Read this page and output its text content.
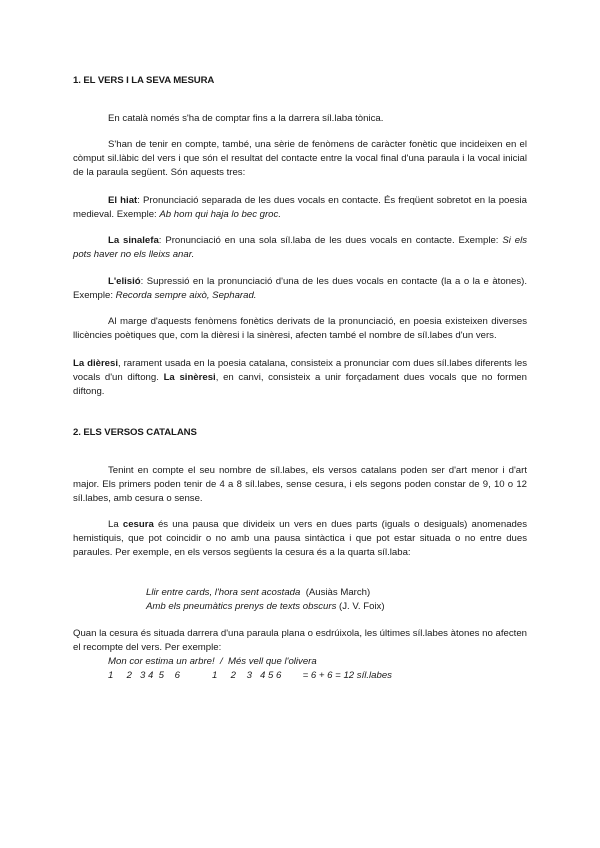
1. EL VERS I LA SEVA MESURA

En català només s'ha de comptar fins a la darrera síl.laba tònica.

S'han de tenir en compte, també, una sèrie de fenòmens de caràcter fonètic que incideixen en el còmput sil.làbic del vers i que són el resultat del contacte entre la vocal final d'una paraula i la vocal inicial de la paraula següent. Són aquests tres:

El hiat: Pronunciació separada de les dues vocals en contacte. És freqüent sobretot en la poesia medieval. Exemple: Ab hom qui haja lo bec groc.

La sinalefa: Pronunciació en una sola síl.laba de les dues vocals en contacte. Exemple: Si els pots haver no els lleixs anar.

L'elisió: Supressió en la pronunciació d'una de les dues vocals en contacte (la a o la e àtones). Exemple: Recorda sempre això, Sepharad.

Al marge d'aquests fenòmens fonètics derivats de la pronunciació, en poesia existeixen diverses llicències poètiques que, com la dièresi i la sinèresi, afecten també el nombre de síl.labes d'un vers.

La dièresi, rarament usada en la poesia catalana, consisteix a pronunciar com dues síl.labes diferents les vocals d'un diftong. La sinèresi, en canvi, consisteix a unir forçadament dues vocals que no formen diftong.

2. ELS VERSOS CATALANS

Tenint en compte el seu nombre de síl.labes, els versos catalans poden ser d'art menor i d'art major. Els primers poden tenir de 4 a 8 síl.labes, sense cesura, i els segons poden constar de 9, 10 o 12 síl.labes, amb cesura o sense.

La cesura és una pausa que divideix un vers en dues parts (iguals o desiguals) anomenades hemistiquis, que pot coincidir o no amb una pausa sintàctica i que pot estar situada o no entre dues paraules. Per exemple, en els versos següents la cesura és a la quarta síl.laba:

Llir entre cards, l'hora sent acostada (Ausiàs March)
Amb els pneumàtics prenys de texts obscurs (J. V. Foix)

Quan la cesura és situada darrera d'una paraula plana o esdrúixola, les últimes síl.labes àtones no afecten el recompte del vers. Per exemple:

Mon cor estima un arbre!  /  Més vell que l'olivera
1     2   3 4  5    6            1     2    3   4 5 6        = 6 + 6 = 12 síl.labes
